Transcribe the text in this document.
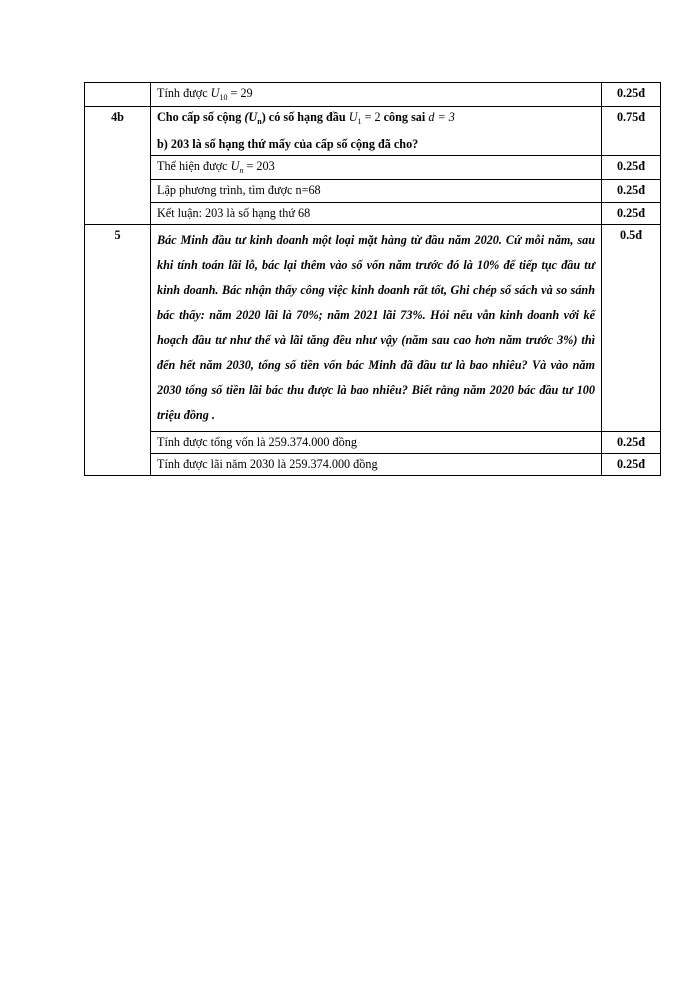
	Tính được $U_{10} = 29$	0.25đ
4b	Cho cấp số cộng $(U_n)$ có số hạng đầu $U_1 = 2$ công sai d = 3

b) 203 là số hạng thứ mấy của cấp số cộng đã cho?	0.75đ
	Thể hiện được $U_n = 203$	0.25đ
	Lập phương trình, tìm được n=68	0.25đ
	Kết luận: 203 là số hạng thứ 68	0.25đ
5	Bác Minh đầu tư kinh doanh một loại mặt hàng từ đầu năm 2020. Cứ mỗi năm, sau khi tính toán lãi lỗ, bác lại thêm vào số vốn năm trước đó là 10% để tiếp tục đầu tư kinh doanh. Bác nhận thấy công việc kinh doanh rất tốt, Ghi chép sổ sách và so sánh bác thấy: năm 2020 lãi là 70%; năm 2021 lãi 73%. Hỏi nếu vẫn kinh doanh với kế hoạch đầu tư như thế và lãi tăng đều như vậy (năm sau cao hơn năm trước 3%) thì đến hết năm 2030, tổng số tiền vốn bác Minh đã đầu tư là bao nhiêu? Và vào năm 2030 tổng số tiền lãi bác thu được là bao nhiêu? Biết rằng năm 2020 bác đầu tư 100 triệu đồng .	0.5đ
	Tính được tổng vốn là 259.374.000 đồng	0.25đ
	Tính được lãi năm 2030 là 259.374.000 đồng	0.25đ
